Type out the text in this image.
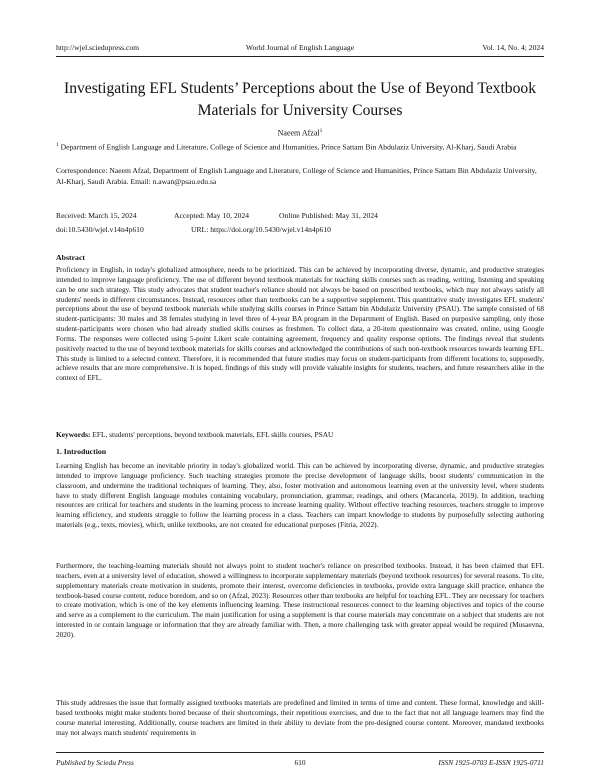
http://wjel.sciedupress.com	World Journal of English Language	Vol. 14, No. 4; 2024
Investigating EFL Students’ Perceptions about the Use of Beyond Textbook Materials for University Courses
Naeem Afzal$^1$
$^1$ Department of English Language and Literature, College of Science and Humanities, Prince Sattam Bin Abdulaziz University, Al-Kharj, Saudi Arabia
Correspondence: Naeem Afzal, Department of English Language and Literature, College of Science and Humanities, Prince Sattam Bin Abdulaziz University, Al-Kharj, Saudi Arabia. Email: n.awan@psau.edu.sa
Received: March 15, 2024	Accepted: May 10, 2024	Online Published: May 31, 2024
doi:10.5430/wjel.v14n4p610	URL: https://doi.org/10.5430/wjel.v14n4p610
Abstract
Proficiency in English, in today's globalized atmosphere, needs to be prioritized. This can be achieved by incorporating diverse, dynamic, and productive strategies intended to improve language proficiency. The use of different beyond textbook materials for teaching skills courses such as reading, writing, listening and speaking can be one such strategy. This study advocates that student teacher's reliance should not always be based on prescribed textbooks, which may not always satisfy all students' needs in different circumstances. Instead, resources other than textbooks can be a supportive supplement. This quantitative study investigates EFL students' perceptions about the use of beyond textbook materials while studying skills courses in Prince Sattam bin Abdulaziz University (PSAU). The sample consisted of 68 student-participants: 30 males and 38 females studying in level three of 4-year BA program in the Department of English. Based on purposive sampling, only those student-participants were chosen who had already studied skills courses as freshmen. To collect data, a 20-item questionnaire was created, online, using Google Forms. The responses were collected using 5-point Likert scale containing agreement, frequency and quality response options. The findings reveal that students positively reacted to the use of beyond textbook materials for skills courses and acknowledged the contributions of such non-textbook resources towards learning EFL. This study is limited to a selected context. Therefore, it is recommended that future studies may focus on student-participants from different locations to, supposedly, achieve results that are more comprehensive. It is hoped, findings of this study will provide valuable insights for students, teachers, and future researchers alike in the context of EFL.
Keywords: EFL, students' perceptions, beyond textbook materials, EFL skills courses, PSAU
1. Introduction
Learning English has become an inevitable priority in today's globalized world. This can be achieved by incorporating diverse, dynamic, and productive strategies intended to improve language proficiency. Such teaching strategies promote the precise development of language skills, boost students' communication in the classroom, and undermine the traditional techniques of learning. They, also, foster motivation and autonomous learning even at the university level, where students have to study different English language modules containing vocabulary, pronunciation, grammar, readings, and others (Macancela, 2019). In addition, teaching resources are critical for teachers and students in the learning process to increase learning quality. Without effective teaching resources, teachers struggle to improve learning efficiency, and students struggle to follow the learning process in a class. Teachers can impart knowledge to students by purposefully selecting authoring materials (e.g., texts, movies), which, unlike textbooks, are not created for educational purposes (Fitria, 2022).
Furthermore, the teaching-learning materials should not always point to student teacher's reliance on prescribed textbooks. Instead, it has been claimed that EFL teachers, even at a university level of education, showed a willingness to incorporate supplementary materials (beyond textbook resources) for several reasons. To cite, supplementary materials create motivation in students, promote their interest, overcome deficiencies in textbooks, provide extra language skill practice, enhance the textbook-based course content, reduce boredom, and so on (Afzal, 2023). Resources other than textbooks are helpful for teaching EFL. They are necessary for teachers to create motivation, which is one of the key elements influencing learning. These instructional resources connect to the learning objectives and topics of the course and serve as a complement to the curriculum. The main justification for using a supplement is that course materials may concentrate on a subject that students are not interested in or contain language or information that they are already familiar with. Then, a more challenging task with greater appeal would be required (Musaevna, 2020).
This study addresses the issue that formally assigned textbooks materials are predefined and limited in terms of time and content. These formal, knowledge and skill-based textbooks might make students bored because of their shortcomings, their repetitious exercises, and due to the fact that not all language learners may find the course material interesting. Additionally, course teachers are limited in their ability to deviate from the pre-designed course content. Moreover, mandated textbooks may not always match students' requirements in
Published by Sciedu Press	610	ISSN 1925-0703 E-ISSN 1925-0711
